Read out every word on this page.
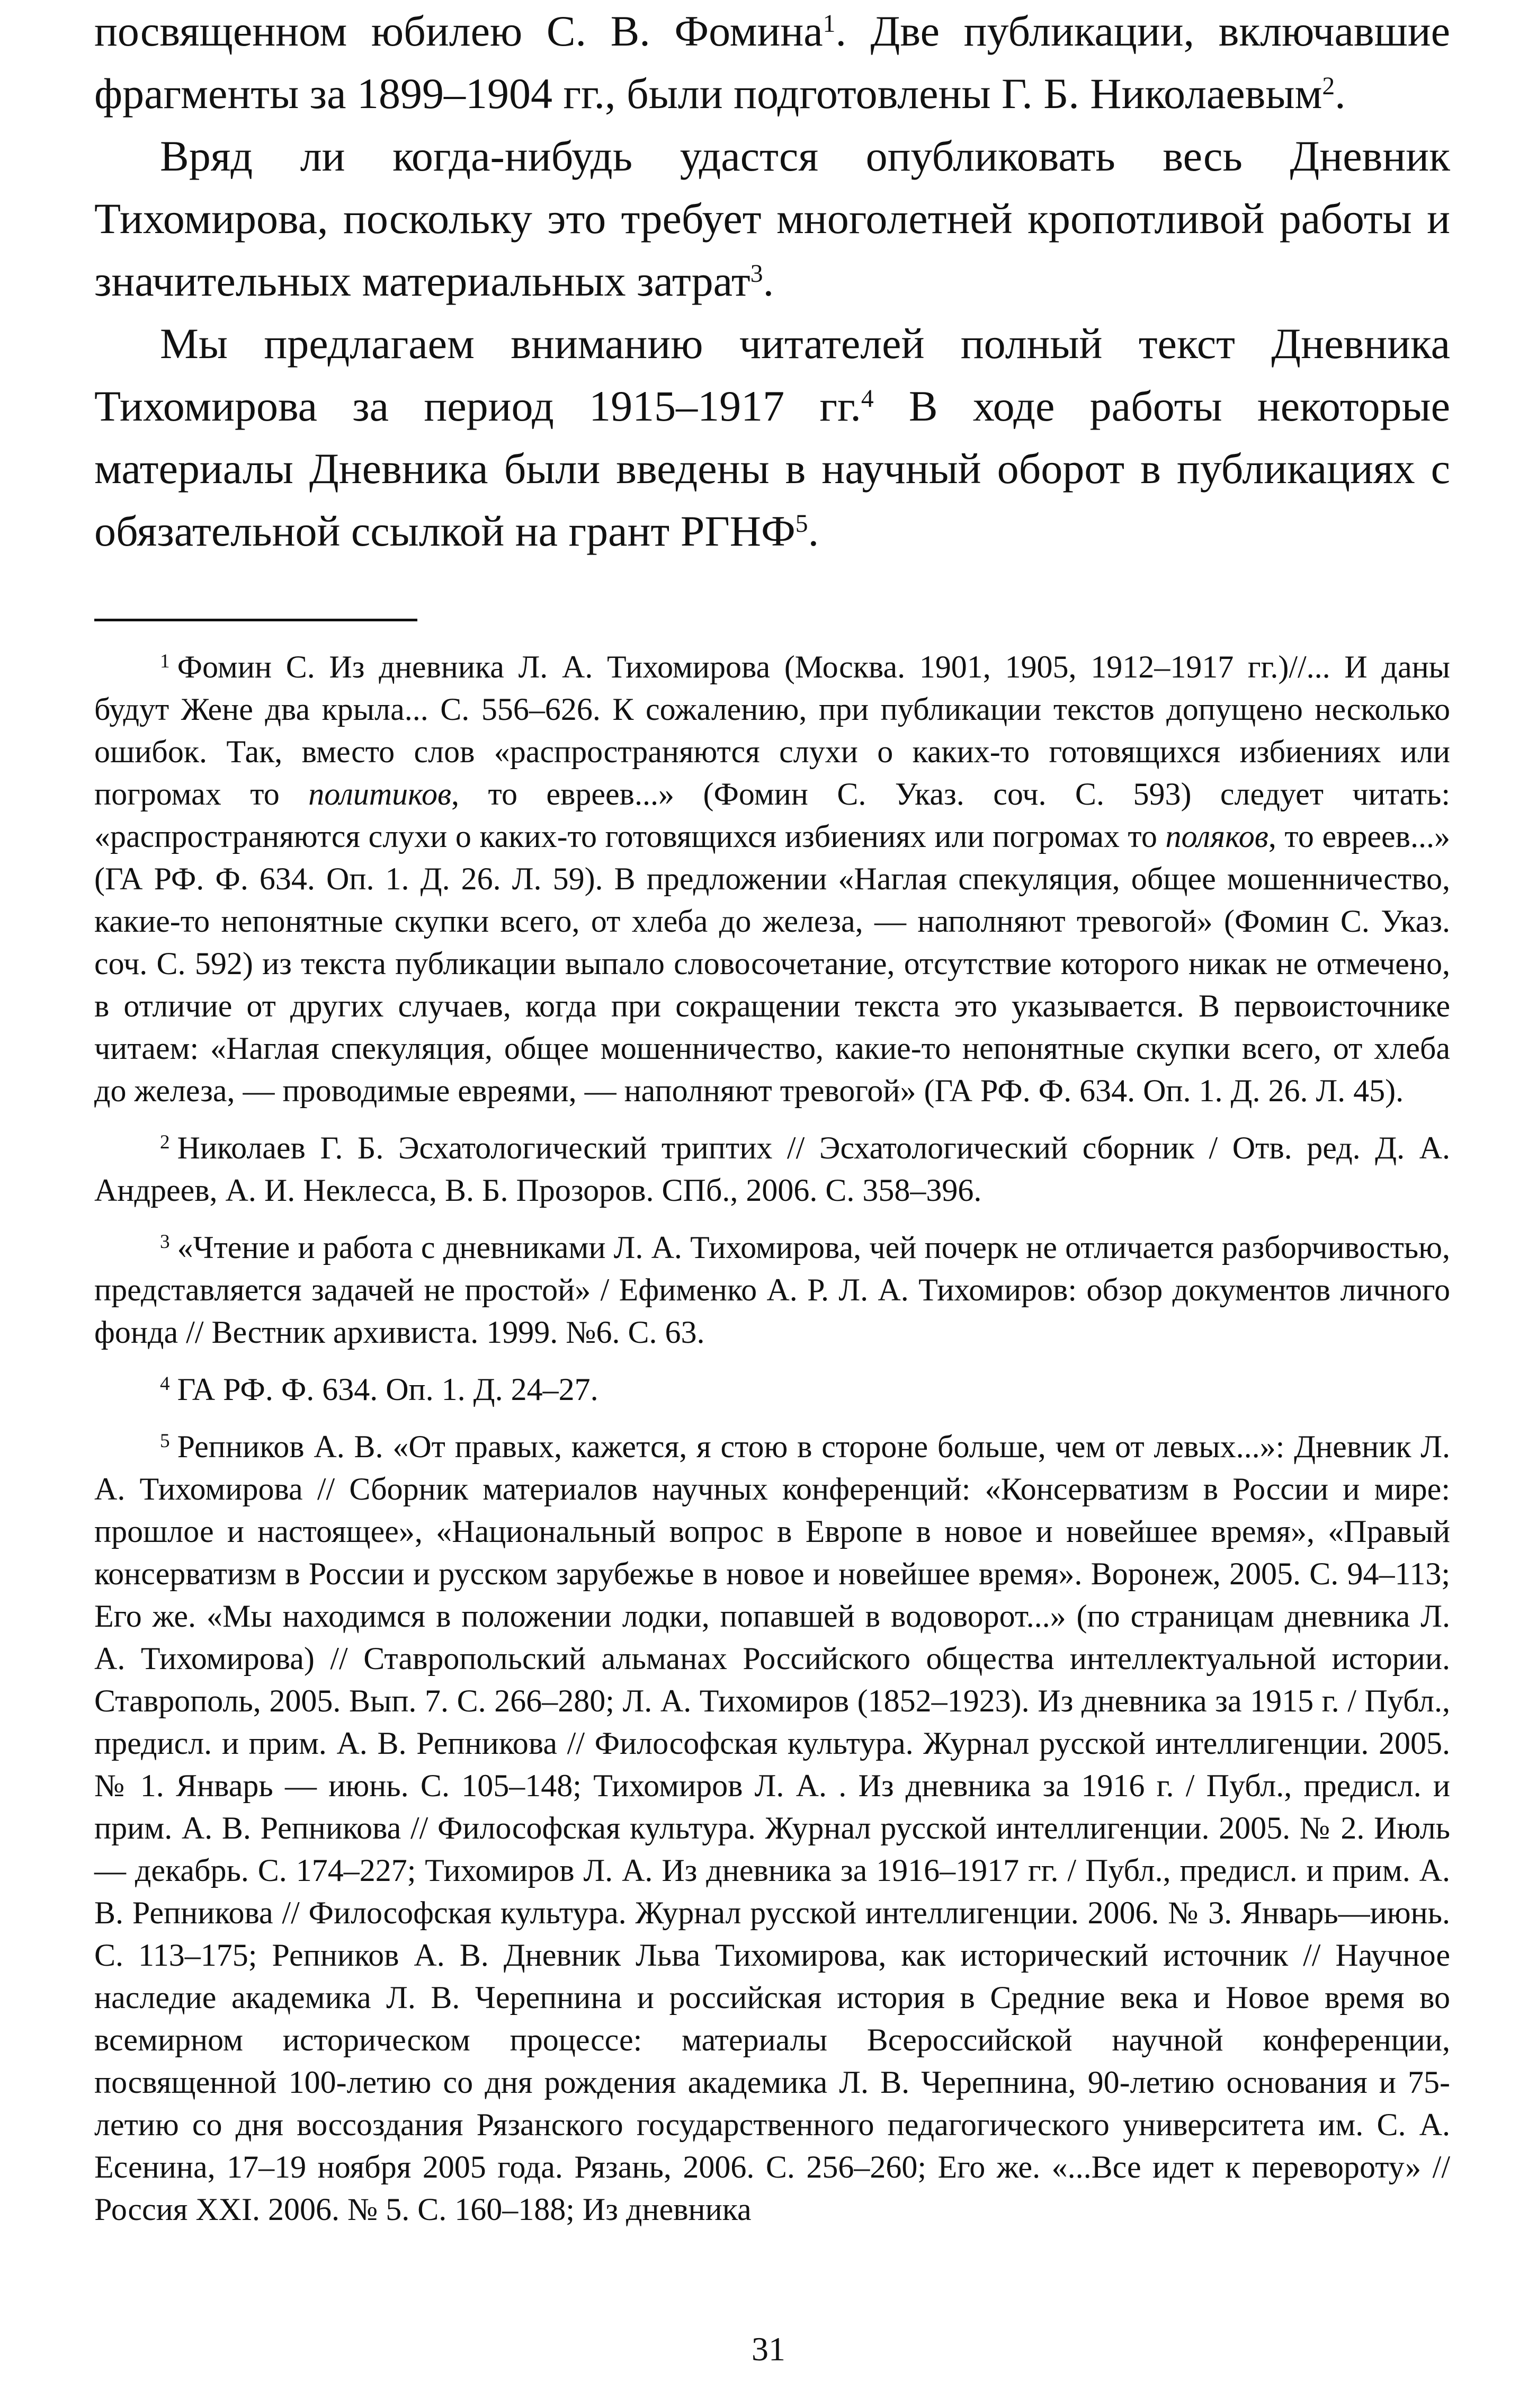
посвященном юбилею С. В. Фомина$^1$. Две публикации, включавшие фрагменты за 1899–1904 гг., были подготовлены Г. Б. Николаевым$^2$.

Вряд ли когда-нибудь удастся опубликовать весь Дневник Тихомирова, поскольку это требует многолетней кропотливой работы и значительных материальных затрат$^3$.

Мы предлагаем вниманию читателей полный текст Дневника Тихомирова за период 1915–1917 гг.$^4$ В ходе работы некоторые материалы Дневника были введены в научный оборот в публикациях с обязательной ссылкой на грант РГНФ$^5$.

$^1$ Фомин С. Из дневника Л. А. Тихомирова (Москва. 1901, 1905, 1912–1917 гг.)//... И даны будут Жене два крыла... С. 556–626. К сожалению, при публикации текстов допущено несколько ошибок. Так, вместо слов «распространяются слухи о каких-то готовящихся избиениях или погромах то политиков, то евреев...» (Фомин С. Указ. соч. С. 593) следует читать: «распространяются слухи о каких-то готовящихся избиениях или погромах то поляков, то евреев...» (ГА РФ. Ф. 634. Оп. 1. Д. 26. Л. 59). В предложении «Наглая спекуляция, общее мошенничество, какие-то непонятные скупки всего, от хлеба до железа, — наполняют тревогой» (Фомин С. Указ. соч. С. 592) из текста публикации выпало словосочетание, отсутствие которого никак не отмечено, в отличие от других случаев, когда при сокращении текста это указывается. В первоисточнике читаем: «Наглая спекуляция, общее мошенничество, какие-то непонятные скупки всего, от хлеба до железа, — проводимые евреями, — наполняют тревогой» (ГА РФ. Ф. 634. Оп. 1. Д. 26. Л. 45).

$^2$ Николаев Г. Б. Эсхатологический триптих // Эсхатологический сборник / Отв. ред. Д. А. Андреев, А. И. Неклесса, В. Б. Прозоров. СПб., 2006. С. 358–396.

$^3$ «Чтение и работа с дневниками Л. А. Тихомирова, чей почерк не отличается разборчивостью, представляется задачей не простой» / Ефименко А. Р. Л. А. Тихомиров: обзор документов личного фонда // Вестник архивиста. 1999. №6. С. 63.

$^4$ ГА РФ. Ф. 634. Оп. 1. Д. 24–27.

$^5$ Репников А. В. «От правых, кажется, я стою в стороне больше, чем от левых...»: Дневник Л. А. Тихомирова // Сборник материалов научных конференций: «Консерватизм в России и мире: прошлое и настоящее», «Национальный вопрос в Европе в новое и новейшее время», «Правый консерватизм в России и русском зарубежье в новое и новейшее время». Воронеж, 2005. С. 94–113; Его же. «Мы находимся в положении лодки, попавшей в водоворот...» (по страницам дневника Л. А. Тихомирова) // Ставропольский альманах Российского общества интеллектуальной истории. Ставрополь, 2005. Вып. 7. С. 266–280; Л. А. Тихомиров (1852–1923). Из дневника за 1915 г. / Публ., предисл. и прим. А. В. Репникова // Философская культура. Журнал русской интеллигенции. 2005. № 1. Январь — июнь. С. 105–148; Тихомиров Л. А. . Из дневника за 1916 г. / Публ., предисл. и прим. А. В. Репникова // Философская культура. Журнал русской интеллигенции. 2005. № 2. Июль — декабрь. С. 174–227; Тихомиров Л. А. Из дневника за 1916–1917 гг. / Публ., предисл. и прим. А. В. Репникова // Философская культура. Журнал русской интеллигенции. 2006. № 3. Январь—июнь. С. 113–175; Репников А. В. Дневник Льва Тихомирова, как исторический источник // Научное наследие академика Л. В. Черепнина и российская история в Средние века и Новое время во всемирном историческом процессе: материалы Всероссийской научной конференции, посвященной 100-летию со дня рождения академика Л. В. Черепнина, 90-летию основания и 75-летию со дня воссоздания Рязанского государственного педагогического университета им. С. А. Есенина, 17–19 ноября 2005 года. Рязань, 2006. С. 256–260; Его же. «...Все идет к перевороту» // Россия XXI. 2006. № 5. С. 160–188; Из дневника

31
